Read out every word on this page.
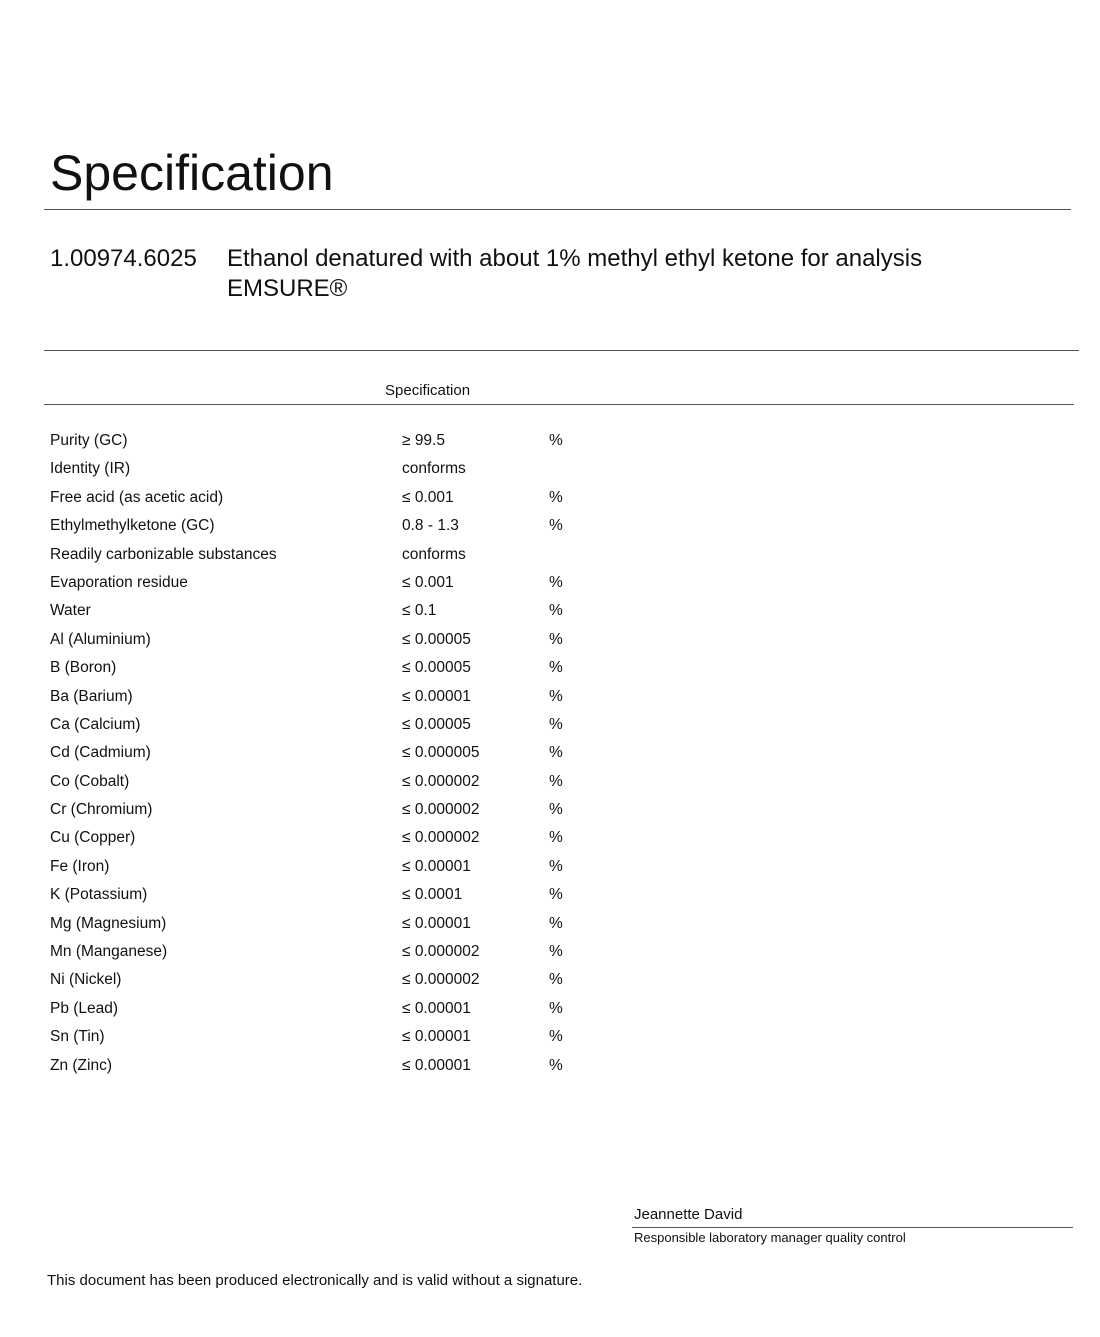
Specification
1.00974.6025 Ethanol denatured with about 1% methyl ethyl ketone for analysis EMSURE®
Specification
Purity (GC)	≥ 99.5	%
Identity (IR)	conforms
Free acid (as acetic acid)	≤ 0.001	%
Ethylmethylketone (GC)	0.8 - 1.3	%
Readily carbonizable substances	conforms
Evaporation residue	≤ 0.001	%
Water	≤ 0.1	%
Al (Aluminium)	≤ 0.00005	%
B (Boron)	≤ 0.00005	%
Ba (Barium)	≤ 0.00001	%
Ca (Calcium)	≤ 0.00005	%
Cd (Cadmium)	≤ 0.000005	%
Co (Cobalt)	≤ 0.000002	%
Cr (Chromium)	≤ 0.000002	%
Cu (Copper)	≤ 0.000002	%
Fe (Iron)	≤ 0.00001	%
K (Potassium)	≤ 0.0001	%
Mg (Magnesium)	≤ 0.00001	%
Mn (Manganese)	≤ 0.000002	%
Ni (Nickel)	≤ 0.000002	%
Pb (Lead)	≤ 0.00001	%
Sn (Tin)	≤ 0.00001	%
Zn (Zinc)	≤ 0.00001	%
Jeannette David
Responsible laboratory manager quality control
This document has been produced electronically and is valid without a signature.
